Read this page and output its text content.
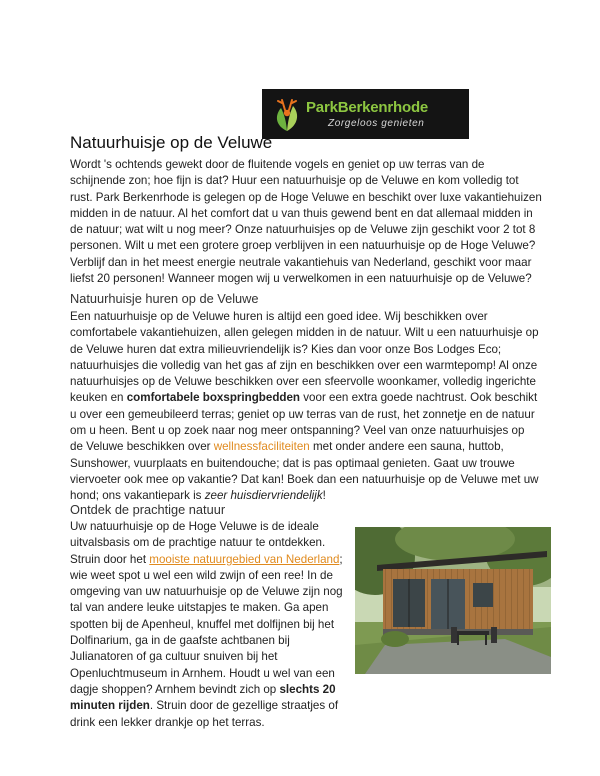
ParkBerkenrhode
Zorgeloos genieten
Natuurhuisje op de Veluwe
Wordt 's ochtends gewekt door de fluitende vogels en geniet op uw terras van de schijnende zon; hoe fijn is dat? Huur een natuurhuisje op de Veluwe en kom volledig tot rust. Park Berkenrhode is gelegen op de Hoge Veluwe en beschikt over luxe vakantiehuizen midden in de natuur. Al het comfort dat u van thuis gewend bent en dat allemaal midden in de natuur; wat wilt u nog meer? Onze natuurhuisjes op de Veluwe zijn geschikt voor 2 tot 8 personen. Wilt u met een grotere groep verblijven in een natuurhuisje op de Hoge Veluwe? Verblijf dan in het meest energie neutrale vakantiehuis van Nederland, geschikt voor maar liefst 20 personen! Wanneer mogen wij u verwelkomen in een natuurhuisje op de Veluwe?
Natuurhuisje huren op de Veluwe
Een natuurhuisje op de Veluwe huren is altijd een goed idee. Wij beschikken over comfortabele vakantiehuizen, allen gelegen midden in de natuur. Wilt u een natuurhuisje op de Veluwe huren dat extra milieuvriendelijk is? Kies dan voor onze Bos Lodges Eco; natuurhuisjes die volledig van het gas af zijn en beschikken over een warmtepomp! Al onze natuurhuisjes op de Veluwe beschikken over een sfeervolle woonkamer, volledig ingerichte keuken en comfortabele boxspringbedden voor een extra goede nachtrust. Ook beschikt u over een gemeubileerd terras; geniet op uw terras van de rust, het zonnetje en de natuur om u heen. Bent u op zoek naar nog meer ontspanning? Veel van onze natuurhuisjes op de Veluwe beschikken over wellnessfaciliteiten met onder andere een sauna, huttob, Sunshower, vuurplaats en buitendouche; dat is pas optimaal genieten. Gaat uw trouwe viervoeter ook mee op vakantie? Dat kan! Boek dan een natuurhuisje op de Veluwe met uw hond; ons vakantiepark is zeer huisdiervriendelijk!
Ontdek de prachtige natuur
Uw natuurhuisje op de Hoge Veluwe is de ideale uitvalsbasis om de prachtige natuur te ontdekken. Struin door het mooiste natuurgebied van Nederland; wie weet spot u wel een wild zwijn of een ree! In de omgeving van uw natuurhuisje op de Veluwe zijn nog tal van andere leuke uitstapjes te maken. Ga apen spotten bij de Apenheul, knuffel met dolfijnen bij het Dolfinarium, ga in de gaafste achtbanen bij Julianatoren of ga cultuur snuiven bij het Openluchtmuseum in Arnhem. Houdt u wel van een dagje shoppen? Arnhem bevindt zich op slechts 20 minuten rijden. Struin door de gezellige straatjes of drink een lekker drankje op het terras.
